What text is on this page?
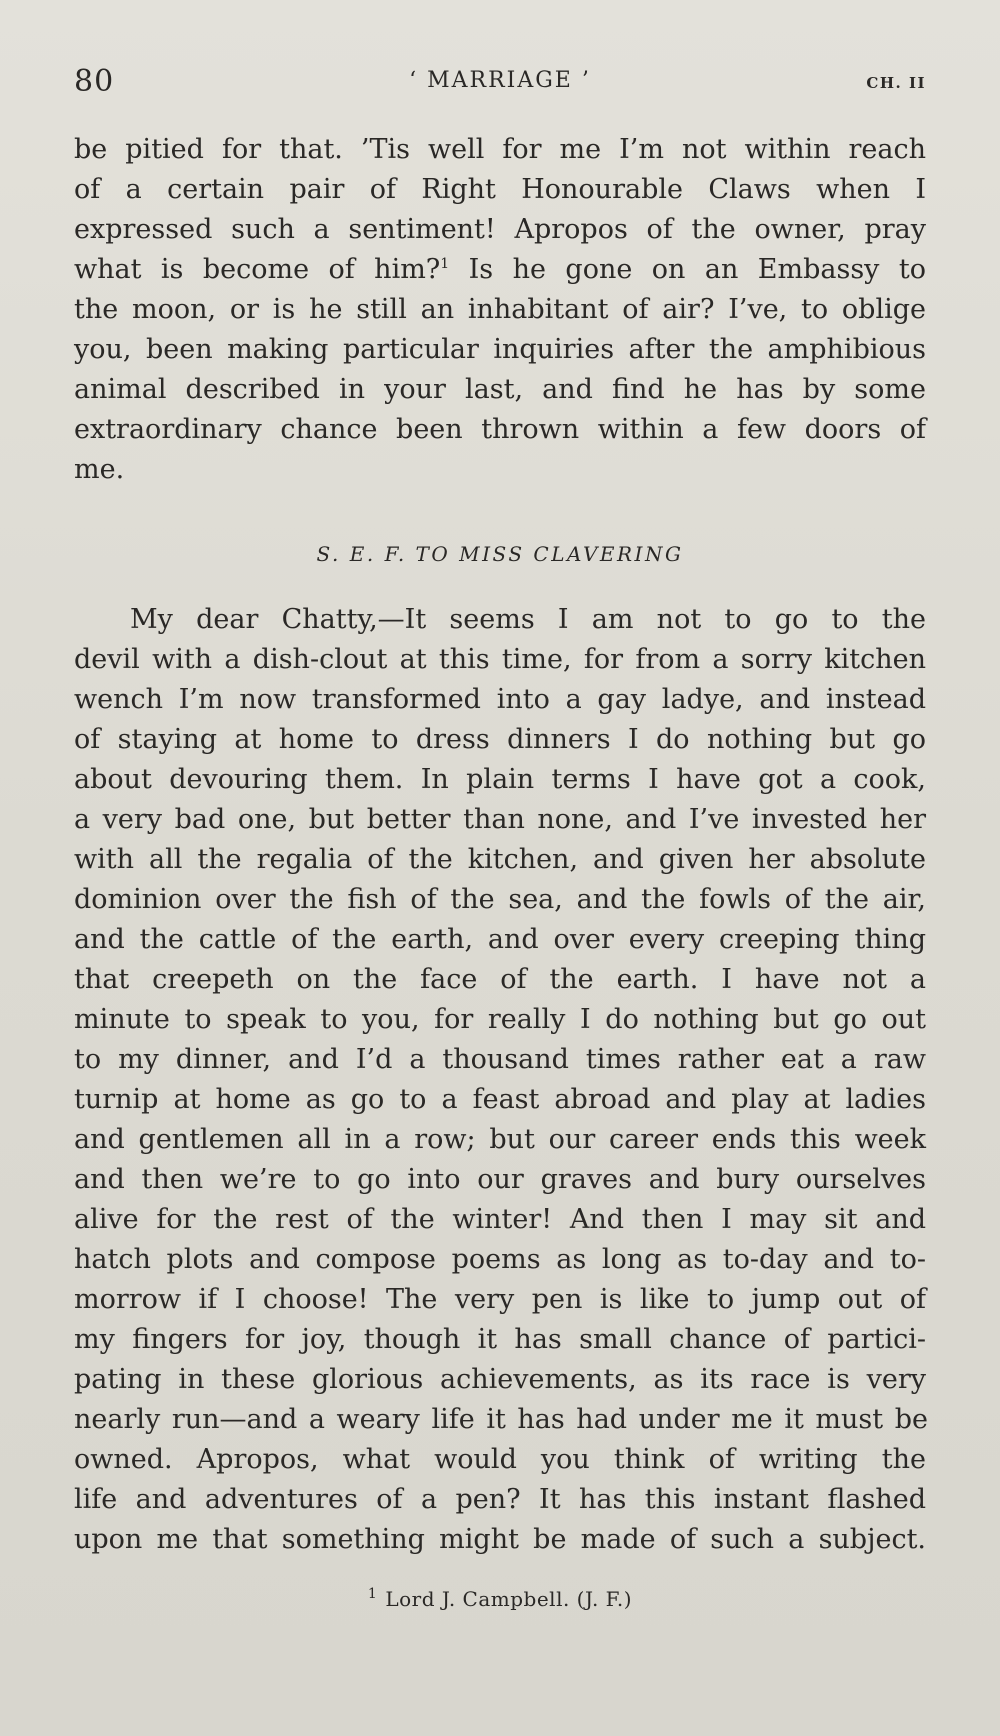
80	‘ MARRIAGE ’	CH. II
be pitied for that. ’Tis well for me I’m not within reach
of a certain pair of Right Honourable Claws when I
expressed such a sentiment! Apropos of the owner, pray
what is become of him?$^1$ Is he gone on an Embassy to
the moon, or is he still an inhabitant of air? I’ve, to oblige
you, been making particular inquiries after the amphibious
animal described in your last, and find he has by some
extraordinary chance been thrown within a few doors of
me.
S. E. F. TO MISS CLAVERING
My dear Chatty,—It seems I am not to go to the
devil with a dish-clout at this time, for from a sorry kitchen
wench I’m now transformed into a gay ladye, and instead
of staying at home to dress dinners I do nothing but go
about devouring them. In plain terms I have got a cook,
a very bad one, but better than none, and I’ve invested her
with all the regalia of the kitchen, and given her absolute
dominion over the fish of the sea, and the fowls of the air,
and the cattle of the earth, and over every creeping thing
that creepeth on the face of the earth. I have not a
minute to speak to you, for really I do nothing but go out
to my dinner, and I’d a thousand times rather eat a raw
turnip at home as go to a feast abroad and play at ladies
and gentlemen all in a row; but our career ends this week
and then we’re to go into our graves and bury ourselves
alive for the rest of the winter! And then I may sit and
hatch plots and compose poems as long as to-day and to-
morrow if I choose! The very pen is like to jump out of
my fingers for joy, though it has small chance of partici-
pating in these glorious achievements, as its race is very
nearly run—and a weary life it has had under me it must be
owned. Apropos, what would you think of writing the
life and adventures of a pen? It has this instant flashed
upon me that something might be made of such a subject.
$^1$ Lord J. Campbell. (J. F.)
